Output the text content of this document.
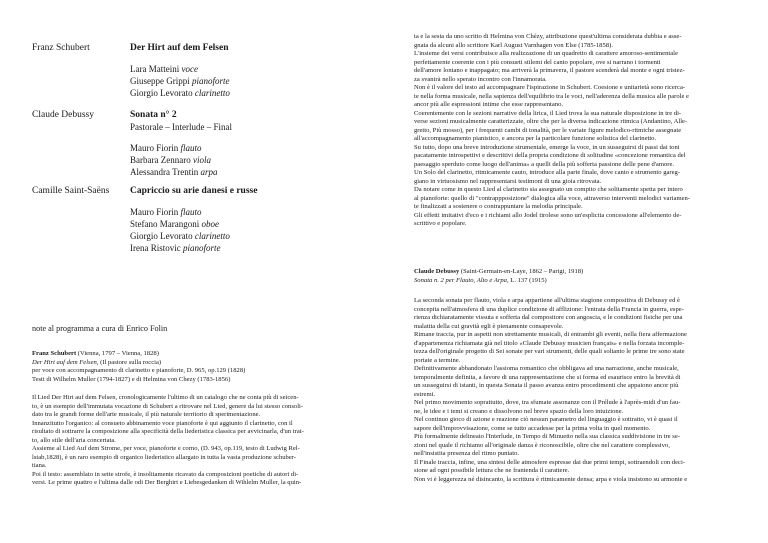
Franz Schubert	Der Hirt auf dem Felsen
Lara Matteini voce
Giuseppe Grippi pianoforte
Giorgio Levorato clarinetto
Claude Debussy	Sonata n° 2
Pastorale – Interlude – Final
Mauro Fiorin flauto
Barbara Zennaro viola
Alessandra Trentin arpa
Camille Saint-Saëns Capriccio su arie danesi e russe
Mauro Fiorin flauto
Stefano Marangoni oboe
Giorgio Levorato clarinetto
Irena Ristovic pianoforte
note al programma a cura di Enrico Folin
Franz Schubert (Vienna, 1797 – Vienna, 1828)
Der Hirt auf dem Felsen, (Il pastore sulla roccia)
per voce con accompagnamento di clarinetto e pianoforte, D. 965, op.129 (1828)
Testi di Wilhelm Muller (1794-1827) e di Helmina von Chezy (1783-1856)
Il Lied Der Hirt auf dem Felsen, cronologicamente l'ultimo di un catalogo che ne conta più di seicen-
to, è un esempio dell'immutata vocazione di Schubert a ritrovare nel Lied, genere da lui stesso consoli-
dato tra le grandi forme dell'arte musicale, il più naturale territorio di sperimentazione.
Innanzitutto l'organico: al consueto abbinamento voce pianoforte è qui aggiunto il clarinetto, con il
risultato di sottrarre la composizione alla specificità della liederistica classica per avvicinarla, d'un trat-
to, allo stile dell'aria concertata.
Assieme al Lied Auf dem Strome, per voce, pianoforte e corno, (D. 943, op.119, testo di Ludwig Rel-
lstab,1828), è un raro esempio di organico liederistico allargato in tutta la vasta produzione schuber-
tiana.
Poi il testo: assemblato in sette strofe, è insolitamente ricavato da composizioni poetiche di autori di-
versi. Le prime quattro e l'ultima dalle odi Der Berghirt e Liebesgedanken di Wihlelm Muller, la quin-
ta e la sesta da uno scritto di Helmina von Chézy, attribuzione quest'ultima considerata dubbia e asse-
gnata da alcuni allo scrittore Karl August Varnhagen von Else (1785-1858).
L'insieme dei versi contribuisce alla realizzazione di un quadretto di carattere amoroso-sentimentale
perfettamente coerente con i più consueti stilemi del canto popolare, ove si narrano i tormenti
dell'amore lontano e inappagato; ma arriverà la primavera, il pastore scenderà dal monte e ogni tristez-
za svanirà nello sperato incontro con l'innamorata.
Non è il valore del testo ad accompagnare l'ispirazione in Schubert. Coesione e unitarietà sono ricerca-
te nella forma musicale, nella sapienza dell'equilibrio tra le voci, nell'aderenza della musica alle parole e
ancor più alle espressioni intime che esse rappresentano.
Coerentemente con le sezioni narrative della lirica, il Lied trova la sua naturale disposizione in tre di-
verse sezioni musicalmente caratterizzate, oltre che per la diversa indicazione ritmica (Andantino, Alle-
gretto, Più mosso), per i frequenti cambi di tonalità, per le variate figure melodico-ritmiche assegnate
all'accompagnamento pianistico, e ancora per la particolare funzione solistica del clarinetto.
Su tutto, dopo una breve introduzione strumentale, emerge la voce, in un susseguirsi di passi dai toni
pacatamente introspettivi e descrittivi della propria condizione di solitudine «concezione romantica del
paesaggio sperduto come luogo dell'anima» a quelli della più sofferta passione delle pene d'amore.
Un Solo del clarinetto, ritmicamente cauto, introduce alla parte finale, dove canto e strumento gareg-
giano in virtuosismo nel rappresentarsi testimoni di una gioia ritrovata.
Da notare come in questo Lied al clarinetto sia assegnato un compito che solitamente spetta per intero
al pianoforte: quello di "contrappposizione" dialogica alla voce, attraverso interventi melodici variamen-
te finalizzati a sostenere o contrappuntare la melodia principale.
Gli effetti imitativi d'eco e i richiami allo Jodel tirolese sono un'esplicita concessione all'elemento de-
scrittivo e popolare.
Claude Debussy (Saint-Germain-en-Laye, 1862 – Parigi, 1918)
Sonata n. 2 per Flauto, Alto e Arpa, L. 137 (1915)
La seconda sonata per flauto, viola e arpa appartiene all'ultima stagione compositiva di Debussy ed è
concepita nell'atmosfera di una duplice condizione di afflizione: l'entrata della Francia in guerra, espe-
rienza dichiaratamente vissuta e sofferta dal compositore con angoscia, e le condizioni fisiche per una
malattia della cui gravità egli è pienamente consapevole.
Rimane traccia, pur in aspetti non strettamente musicali, di entrambi gli eventi, nella fiera affermazione
d'appartenenza richiamata già nel titolo «Claude Debussy musicien français» e nella forzata incomple-
tezza dell'originale progetto di Sei sonate per vari strumenti, delle quali soltanto le prime tre sono state
portate a termine.
Definitivamente abbandonato l'assioma romantico che obbligava ad una narrazione, anche musicale,
temporalmente definita, a favore di una rappresentazione che si forma ed esaurisce entro la brevità di
un susseguirsi di istanti, in questa Sonata il passo avanza entro procedimenti che appaiono ancor più
estremi.
Nel primo movimento soprattutto, dove, tra sfumate assonanze con il Prélude à l'après-midi d'un fau-
ne, le idee e i temi si creano e dissolvono nel breve spazio della loro intuizione.
Nel continuo gioco di azione e reazione ciò nessun parametro del linguaggio è sottratto, vi è quasi il
sapore dell'improvvisazione, come se tutto accadesse per la prima volta in quel momento.
Più formalmente delineato l'Interlude, in Tempo di Minuetto nella sua classica suddivisione in tre se-
zioni nel quale il richiamo all'originale danza è riconoscibile, oltre che nel carattere complessivo,
nell'insistita presenza del ritmo puntato.
Il Finale traccia, infine, una sintesi delle atmosfere espresse dai due primi tempi, sottraendoli con deci-
sione ad ogni possibile lettura che ne frantenda il carattere.
Non vi è leggerezza né disincanto, la scrittura è ritmicamente densa; arpa e viola insistono su armonie e
